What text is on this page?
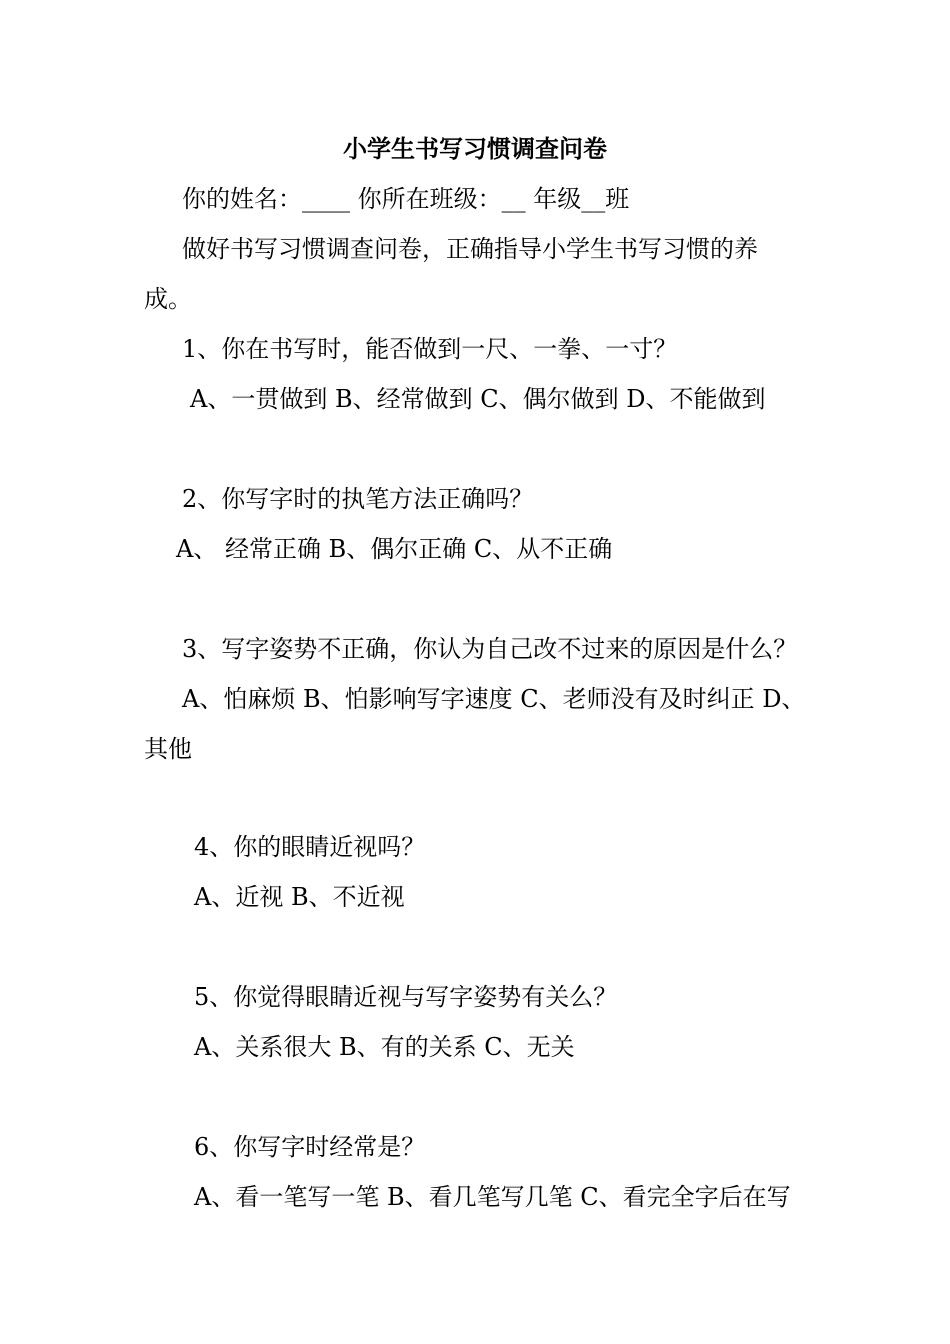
小学生书写习惯调查问卷
你的姓名：____ 你所在班级：__ 年级__班
做好书写习惯调查问卷，正确指导小学生书写习惯的养
成。
1、你在书写时，能否做到一尺、一拳、一寸？
A、一贯做到 B、经常做到 C、偶尔做到 D、不能做到
2、你写字时的执笔方法正确吗？
A、 经常正确 B、偶尔正确 C、从不正确
3、写字姿势不正确，你认为自己改不过来的原因是什么？
A、怕麻烦 B、怕影响写字速度 C、老师没有及时纠正 D、
其他
4、你的眼睛近视吗？
A、近视 B、不近视
5、你觉得眼睛近视与写字姿势有关么？
A、关系很大 B、有的关系 C、无关
6、你写字时经常是？
A、看一笔写一笔 B、看几笔写几笔 C、看完全字后在写
